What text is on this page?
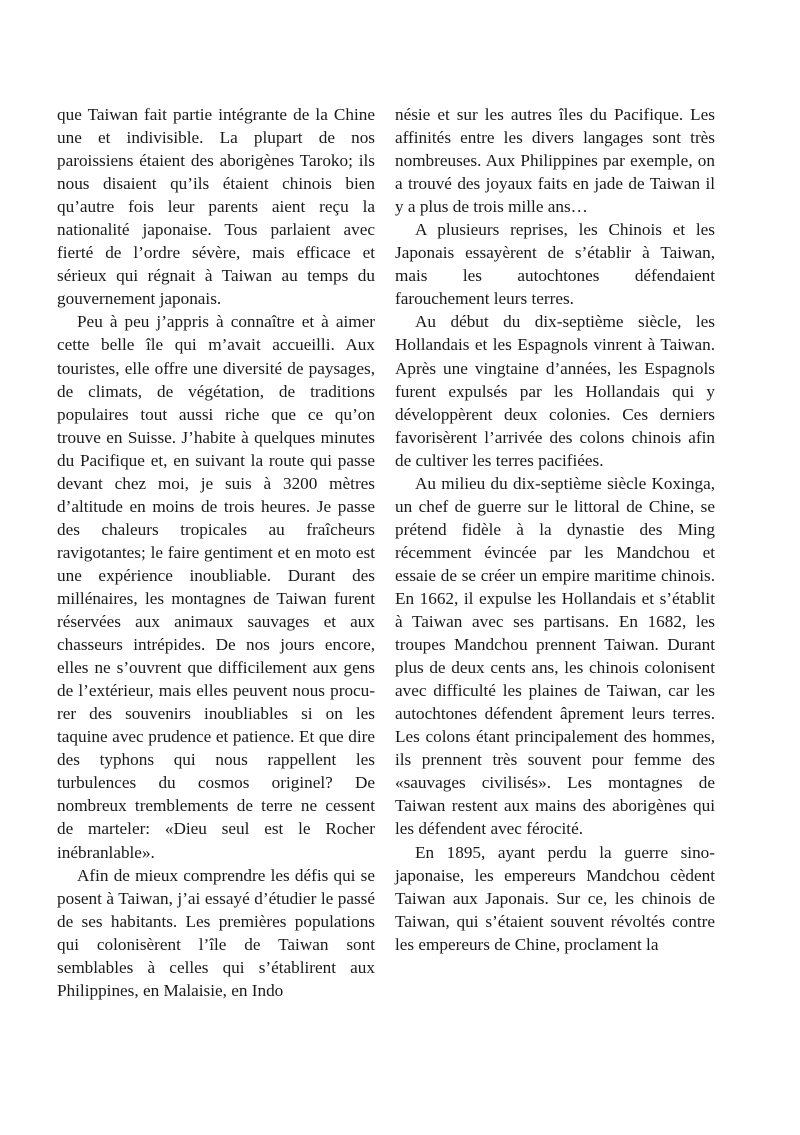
que Taiwan fait partie intégrante de la Chine une et indivisible. La plupart de nos paroissiens étaient des aborigènes Taroko; ils nous disaient qu’ils étaient chinois bien qu’autre fois leur parents aient reçu la nationalité japonaise. Tous parlaient avec fierté de l’ordre sévère, mais efficace et sérieux qui régnait à Taiwan au temps du gouvernement japonais.

Peu à peu j’appris à connaître et à aimer cette belle île qui m’avait accueilli. Aux touristes, elle offre une diversité de paysages, de climats, de végétation, de traditions populaires tout aussi riche que ce qu’on trouve en Suisse. J’habite à quelques minutes du Pacifique et, en suivant la route qui passe devant chez moi, je suis à 3200 mètres d’altitude en moins de trois heures. Je passe des chaleurs tropicales au fraîcheurs ravigotantes; le faire gentiment et en moto est une expérience inoubliable. Durant des millénaires, les montagnes de Taiwan furent réservées aux animaux sauvages et aux chasseurs intrépides. De nos jours encore, elles ne s’ouvrent que difficilement aux gens de l’extérieur, mais elles peuvent nous procurer des souvenirs inoubliables si on les taquine avec prudence et patience. Et que dire des typhons qui nous rappellent les turbulences du cosmos originel? De nombreux tremblements de terre ne cessent de marteler: «Dieu seul est le Rocher inébranlable».

Afin de mieux comprendre les défis qui se posent à Taiwan, j’ai essayé d’étudier le passé de ses habitants. Les premières populations qui colonisèrent l’île de Taiwan sont semblables à celles qui s’établirent aux Philippines, en Malaisie, en Indo

nésie et sur les autres îles du Pacifique. Les affinités entre les divers langages sont très nombreuses. Aux Philippines par exemple, on a trouvé des joyaux faits en jade de Taiwan il y a plus de trois mille ans…

A plusieurs reprises, les Chinois et les Japonais essayèrent de s’établir à Taiwan, mais les autochtones défendaient farouchement leurs terres.

Au début du dix-septième siècle, les Hollandais et les Espagnols vinrent à Taiwan. Après une vingtaine d’années, les Espagnols furent expulsés par les Hollandais qui y développèrent deux colonies. Ces derniers favorisèrent l’arrivée des colons chinois afin de cultiver les terres pacifiées.

Au milieu du dix-septième siècle Koxinga, un chef de guerre sur le littoral de Chine, se prétend fidèle à la dynastie des Ming récemment évincée par les Mandchou et essaie de se créer un empire maritime chinois. En 1662, il expulse les Hollandais et s’établit à Taiwan avec ses partisans. En 1682, les troupes Mandchou prennent Taiwan. Durant plus de deux cents ans, les chinois colonisent avec difficulté les plaines de Taiwan, car les autochtones défendent âprement leurs terres. Les colons étant principalement des hommes, ils prennent très souvent pour femme des «sauvages civilisés». Les montagnes de Taiwan restent aux mains des aborigènes qui les défendent avec férocité.

En 1895, ayant perdu la guerre sino-japonaise, les empereurs Mandchou cèdent Taiwan aux Japonais. Sur ce, les chinois de Taiwan, qui s’étaient souvent révoltés contre les empereurs de Chine, proclament la
